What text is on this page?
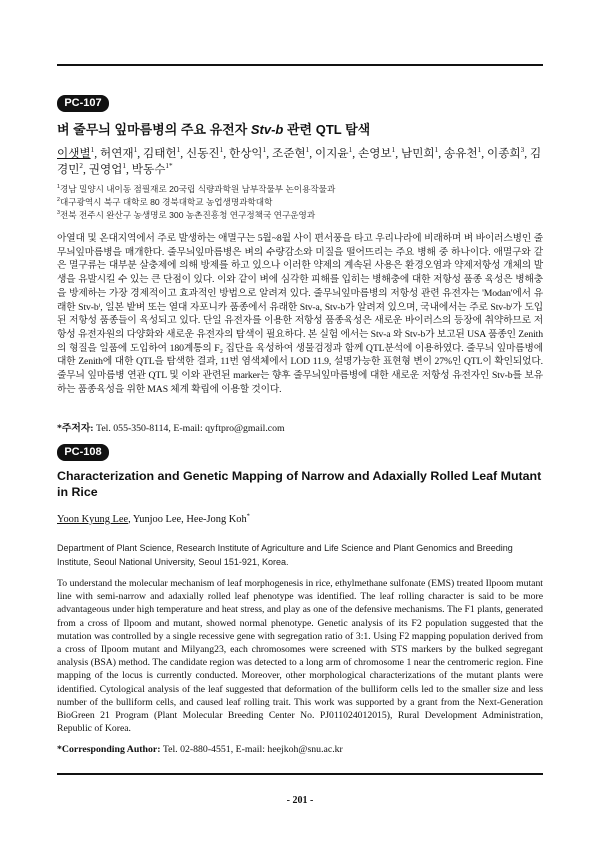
PC-107
벼 줄무늬 잎마름병의 주요 유전자 Stv-b 관련 QTL 탐색
이샛별$^1$, 허연재$^1$, 김태헌$^1$, 신동진$^1$, 한상익$^1$, 조준현$^1$, 이지윤$^1$, 손영보$^1$, 남민희$^1$, 송유천$^1$, 이종희$^3$, 김경민$^2$, 권영업$^1$, 박동수$^{1*}$
$^1$경남 밀양시 내이동 점필재로 20국립 식량과학원 남부작물부 논이용작물과
$^2$대구광역시 북구 대학로 80 경북대학교 농업생명과학대학
$^3$전북 전주시 완산구 농생명로 300 농촌진흥청 연구정책국 연구운영과

아열대 및 온대지역에서 주로 발생하는 애멸구는 5월~8월 사이 편서풍을 타고 우리나라에 비래하며 벼 바이러스병인 줄무늬잎마름병을 매개한다. 줄무늬잎마름병은 벼의 수량감소와 미질을 떨어뜨리는 주요 병해 중 하나이다. 애멸구와 같은 멸구류는 대부분 살충제에 의해 방제를 하고 있으나 이러한 약제의 계속된 사용은 환경오염과 약제저항성 개체의 발생을 유발시킬 수 있는 큰 단점이 있다. 이와 같이 벼에 심각한 피해를 입히는 병해충에 대한 저항성 품종 육성은 병해충을 방제하는 가장 경제적이고 효과적인 방법으로 알려져 있다. 줄무늬잎마름병의 저항성 관련 유전자는 'Modan'에서 유래한 Stv-bⁱ, 일본 밭벼 또는 열대 자포니카 품종에서 유래한 Stv-a, Stv-b가 알려져 있으며, 국내에서는 주로 Stv-bⁱ가 도입된 저항성 품종들이 육성되고 있다. 단일 유전자를 이용한 저항성 품종육성은 새로운 바이러스의 등장에 취약하므로 저항성 유전자원의 다양화와 새로운 유전자의 탐색이 필요하다. 본 실험 에서는 Stv-a 와 Stv-b가 보고된 USA 품종인 Zenith의 형질을 일품에 도입하여 180계통의 F₂ 집단을 육성하여 생물검정과 함께 QTL분석에 이용하였다. 줄무늬 잎마름병에 대한 Zenith에 대한 QTL을 탐색한 결과, 11번 염색체에서 LOD 11.9, 설명가능한 표현형 변이 27%인 QTL이 확인되었다. 줄무늬 잎마름병 연관 QTL 및 이와 관련된 marker는 향후 줄무늬잎마름병에 대한 새로운 저항성 유전자인 Stv-b를 보유하는 품종육성을 위한 MAS 체계 확립에 이용할 것이다.

*주저자: Tel. 055-350-8114, E-mail: qyftpro@gmail.com
PC-108
Characterization and Genetic Mapping of Narrow and Adaxially Rolled Leaf Mutant in Rice
Yoon Kyung Lee, Yunjoo Lee, Hee-Jong Koh*
Department of Plant Science, Research Institute of Agriculture and Life Science and Plant Genomics and Breeding Institute, Seoul National University, Seoul 151-921, Korea.

To understand the molecular mechanism of leaf morphogenesis in rice, ethylmethane sulfonate (EMS) treated Ilpoom mutant line with semi-narrow and adaxially rolled leaf phenotype was identified. The leaf rolling character is said to be more advantageous under high temperature and heat stress, and play as one of the defensive mechanisms. The F1 plants, generated from a cross of Ilpoom and mutant, showed normal phenotype. Genetic analysis of its F2 population suggested that the mutation was controlled by a single recessive gene with segregation ratio of 3:1. Using F2 mapping population derived from a cross of Ilpoom mutant and Milyang23, each chromosomes were screened with STS markers by the bulked segregant analysis (BSA) method. The candidate region was detected to a long arm of chromosome 1 near the centromeric region. Fine mapping of the locus is currently conducted. Moreover, other morphological characterizations of the mutant plants were identified. Cytological analysis of the leaf suggested that deformation of the bulliform cells led to the smaller size and less number of the bulliform cells, and caused leaf rolling trait. This work was supported by a grant from the Next-Generation BioGreen 21 Program (Plant Molecular Breeding Center No. PJ011024012015), Rural Development Administration, Republic of Korea.

*Corresponding Author: Tel. 02-880-4551, E-mail: heejkoh@snu.ac.kr
- 201 -
